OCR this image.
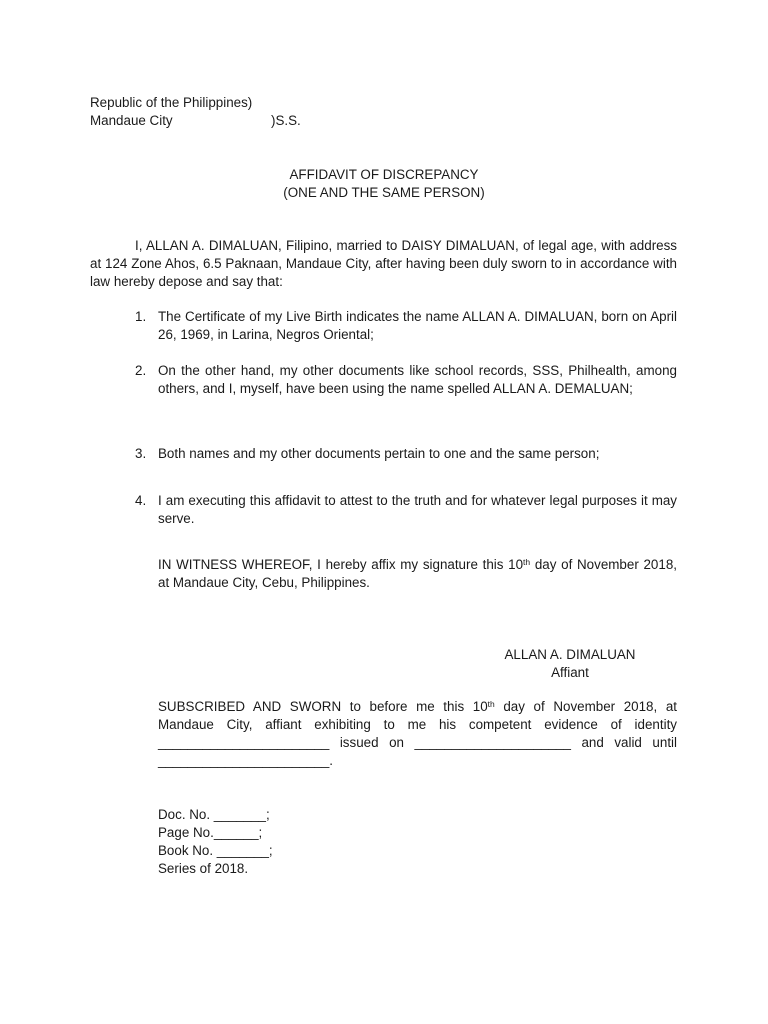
Republic of the Philippines)
Mandaue City	)S.S.
AFFIDAVIT OF DISCREPANCY
(ONE AND THE SAME PERSON)
I, ALLAN A. DIMALUAN, Filipino, married to DAISY DIMALUAN, of legal age, with address at 124 Zone Ahos, 6.5 Paknaan, Mandaue City, after having been duly sworn to in accordance with law hereby depose and say that:
1. The Certificate of my Live Birth indicates the name ALLAN A. DIMALUAN, born on April 26, 1969, in Larina, Negros Oriental;
2. On the other hand, my other documents like school records, SSS, Philhealth, among others, and I, myself, have been using the name spelled ALLAN A. DEMALUAN;
3. Both names and my other documents pertain to one and the same person;
4. I am executing this affidavit to attest to the truth and for whatever legal purposes it may serve.
IN WITNESS WHEREOF, I hereby affix my signature this 10th day of November 2018, at Mandaue City, Cebu, Philippines.
ALLAN A. DIMALUAN
Affiant
SUBSCRIBED AND SWORN to before me this 10th day of November 2018, at Mandaue City, affiant exhibiting to me his competent evidence of identity _______________________ issued on _____________________ and valid until _______________________.
Doc. No. _______;
Page No.______;
Book No. _______;
Series of 2018.
